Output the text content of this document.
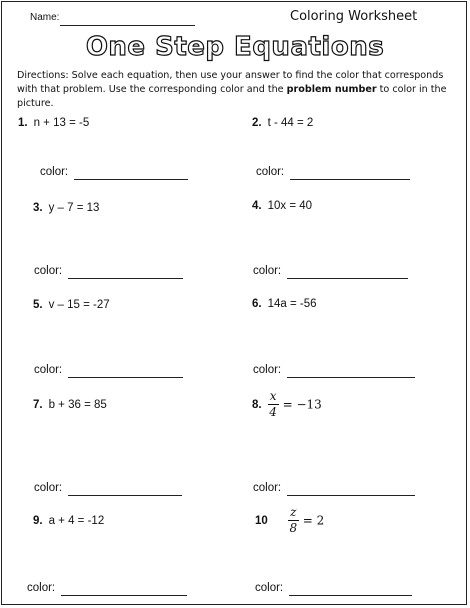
Name:	Coloring Worksheet
One Step Equations
Directions: Solve each equation, then use your answer to find the color that corresponds with that problem. Use the corresponding color and the problem number to color in the picture.
1. n + 13 = -5	2. t - 44 = 2
color:	color:
3. y – 7 = 13	4. 10x = 40
color:	color:
5. v – 15 = -27	6. 14a = -56
color:	color:
7. b + 36 = 85	8. $\frac{x}{4} = -13$
color:	color:
9. a + 4 = -12	$10 \frac{z}{8} = 2$
color:	color:
